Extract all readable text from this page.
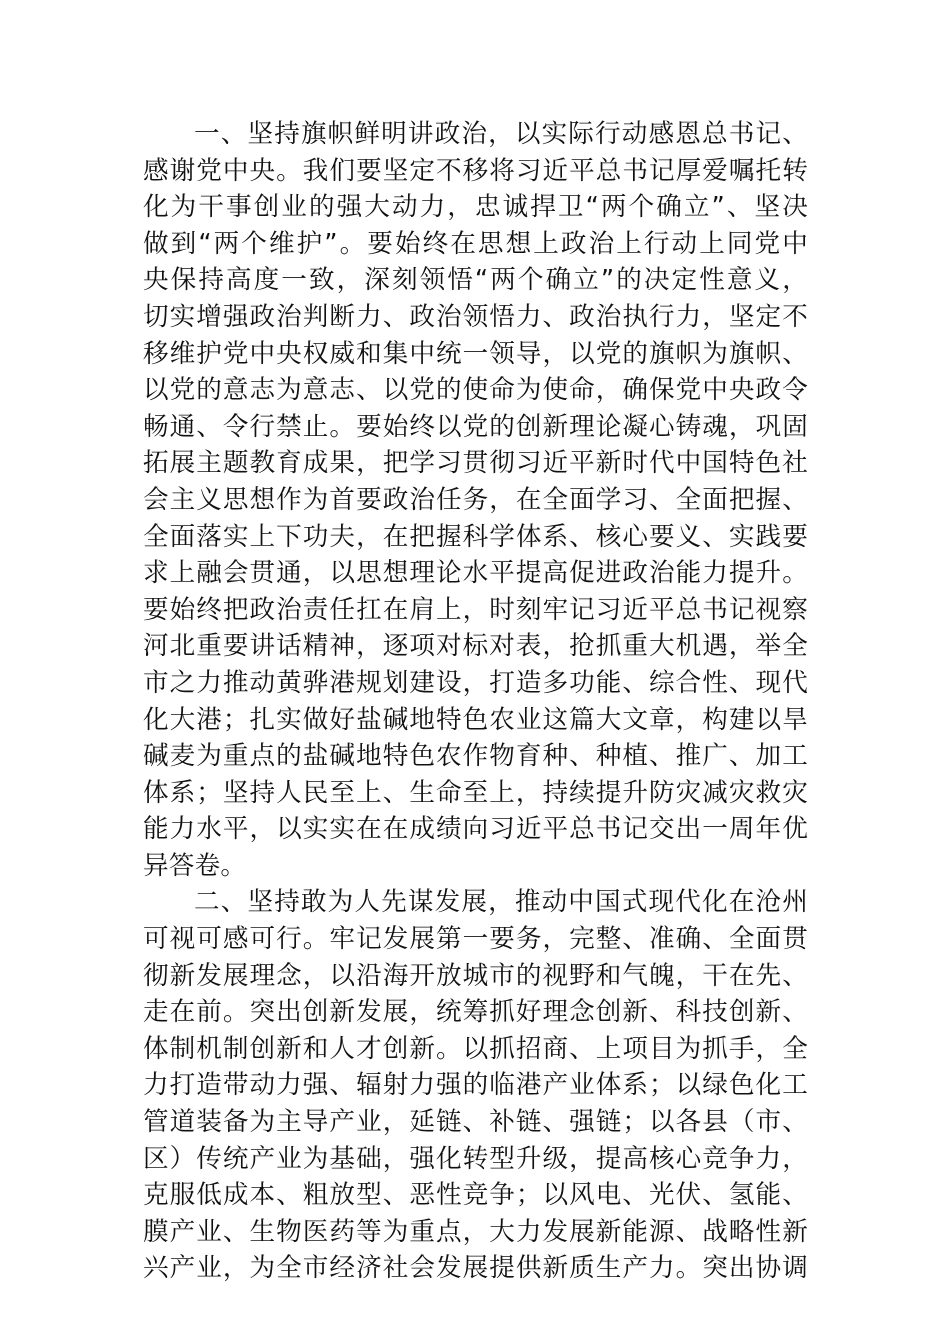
一、坚持旗帜鲜明讲政治，以实际行动感恩总书记、
感谢党中央。我们要坚定不移将习近平总书记厚爱嘱托转
化为干事创业的强大动力，忠诚捍卫“两个确立”、坚决
做到“两个维护”。要始终在思想上政治上行动上同党中
央保持高度一致，深刻领悟“两个确立”的决定性意义，
切实增强政治判断力、政治领悟力、政治执行力，坚定不
移维护党中央权威和集中统一领导，以党的旗帜为旗帜、
以党的意志为意志、以党的使命为使命，确保党中央政令
畅通、令行禁止。要始终以党的创新理论凝心铸魂，巩固
拓展主题教育成果，把学习贯彻习近平新时代中国特色社
会主义思想作为首要政治任务，在全面学习、全面把握、
全面落实上下功夫，在把握科学体系、核心要义、实践要
求上融会贯通，以思想理论水平提高促进政治能力提升。
要始终把政治责任扛在肩上，时刻牢记习近平总书记视察
河北重要讲话精神，逐项对标对表，抢抓重大机遇，举全
市之力推动黄骅港规划建设，打造多功能、综合性、现代
化大港；扎实做好盐碱地特色农业这篇大文章，构建以旱
碱麦为重点的盐碱地特色农作物育种、种植、推广、加工
体系；坚持人民至上、生命至上，持续提升防灾减灾救灾
能力水平，以实实在在成绩向习近平总书记交出一周年优
异答卷。
二、坚持敢为人先谋发展，推动中国式现代化在沧州
可视可感可行。牢记发展第一要务，完整、准确、全面贯
彻新发展理念，以沿海开放城市的视野和气魄，干在先、
走在前。突出创新发展，统筹抓好理念创新、科技创新、
体制机制创新和人才创新。以抓招商、上项目为抓手，全
力打造带动力强、辐射力强的临港产业体系；以绿色化工
管道装备为主导产业，延链、补链、强链；以各县（市、
区）传统产业为基础，强化转型升级，提高核心竞争力，
克服低成本、粗放型、恶性竞争；以风电、光伏、氢能、
膜产业、生物医药等为重点，大力发展新能源、战略性新
兴产业，为全市经济社会发展提供新质生产力。突出协调
